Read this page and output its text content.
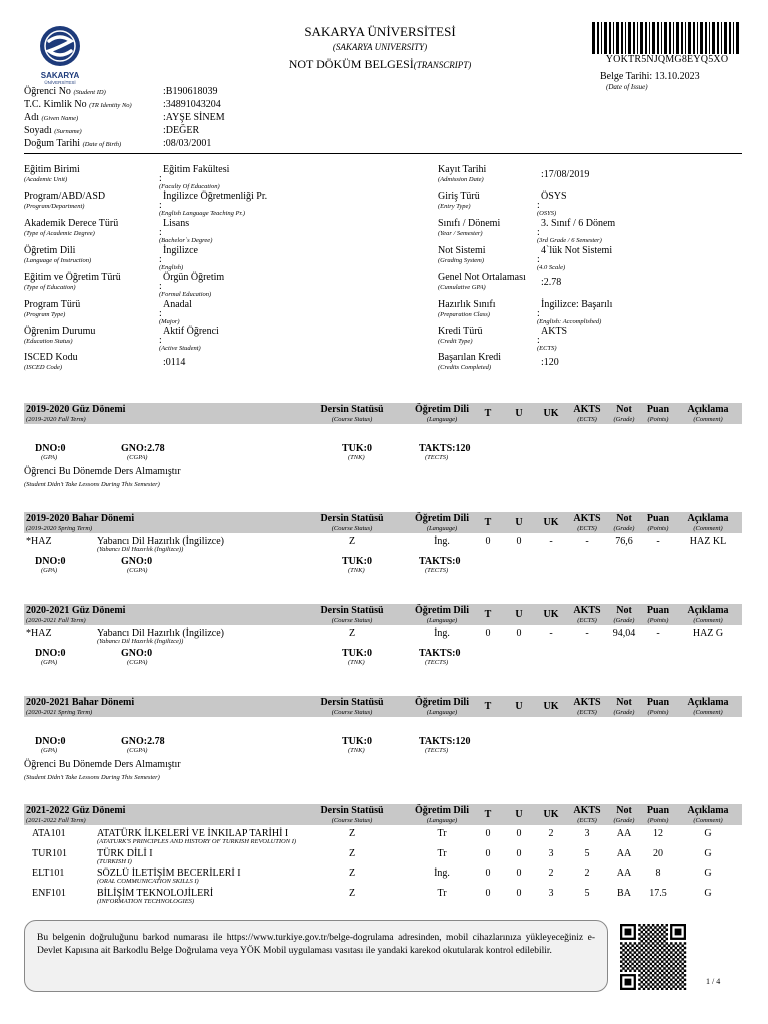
SAKARYA
ÜNİVERSİTESİ
SAKARYA ÜNİVERSİTESİ
(SAKARYA UNIVERSITY)
NOT DÖKÜM BELGESİ(TRANSCRIPT)	YOKTR5NJQMG8EYQ5XO
Belge Tarihi: 13.10.2023
(Date of Issue)
Öğrenci No (Student ID)	:B190618039
T.C. Kimlik No (TR Identity No)	:34891043204
Adı (Given Name)	:AYŞE SİNEM
Soyadı (Surname)	:DEĞER
Doğum Tarihi (Date of Birth)	:08/03/2001
Eğitim Birimi
(Academic Unit)
Eğitim Fakültesi
:
(Faculty Of Education)
Program/ABD/ASD
(Program/Department)
İngilizce Öğretmenliği Pr.
:
(English Language Teaching Pr.)
Akademik Derece Türü
(Type of Academic Degree)
Lisans
:
(Bachelor`s Degree)
Öğretim Dili
(Language of Instruction)
İngilizce
:
(English)
Eğitim ve Öğretim Türü
(Type of Education)
Örgün Öğretim
:
(Formal Education)
Program Türü
(Program Type)
Anadal
:
(Major)
Öğrenim Durumu
(Education Status)
Aktif Öğrenci
:
(Active Student)
ISCED Kodu
(ISCED Code)	:0114
Kayıt Tarihi
(Admission Date)	:17/08/2019
Giriş Türü
(Entry Type)
ÖSYS
:
(OSYS)
Sınıfı / Dönemi
(Year / Semester)
3. Sınıf / 6 Dönem
:
(3rd Grade / 6 Semester)
Not Sistemi
(Grading System)
4`lük Not Sistemi
:
(4.0 Scale)
Genel Not Ortalaması
(Cumulative GPA)	:2.78
Hazırlık Sınıfı
(Preparation Class)
İngilizce: Başarılı
:
(English: Accomplished)
Kredi Türü
(Credit Type)
AKTS
:
(ECTS)
Başarılan Kredi
(Credits Completed)	:120
2019-2020 Güz Dönemi
(2019-2020 Fall Term)
Dersin Statüsü
(Course Status)
Öğretim Dili
(Language)
T	U	UK	AKTS
(ECTS)
Not
(Grade)
Puan
(Points)
Açıklama
(Comment)
DNO:0
(GPA)
GNO:2.78
(CGPA)
TUK:0
(TNK)
TAKTS:120
(TECTS)
Öğrenci Bu Dönemde Ders Almamıştır
(Student Didn't Take Lessons During This Semester)
2019-2020 Bahar Dönemi
(2019-2020 Spring Term)
Dersin Statüsü
(Course Status)
Öğretim Dili
(Language)
T	U	UK	AKTS
(ECTS)
Not
(Grade)
Puan
(Points)
Açıklama
(Comment)
*HAZ	Yabancı Dil Hazırlık (İngilizce)
(Yabancı Dil Hazırlık (İngilizce))
Z	İng.	0	0	-	-	76,6	-	HAZ KL
DNO:0
(GPA)
GNO:0
(CGPA)
TUK:0
(TNK)
TAKTS:0
(TECTS)
2020-2021 Güz Dönemi
(2020-2021 Fall Term)
Dersin Statüsü
(Course Status)
Öğretim Dili
(Language)
T	U	UK	AKTS
(ECTS)
Not
(Grade)
Puan
(Points)
Açıklama
(Comment)
*HAZ	Yabancı Dil Hazırlık (İngilizce)
(Yabancı Dil Hazırlık (İngilizce))
Z	İng.	0	0	-	-	94,04	-	HAZ G
DNO:0
(GPA)
GNO:0
(CGPA)
TUK:0
(TNK)
TAKTS:0
(TECTS)
2020-2021 Bahar Dönemi
(2020-2021 Spring Term)
Dersin Statüsü
(Course Status)
Öğretim Dili
(Language)
T	U	UK	AKTS
(ECTS)
Not
(Grade)
Puan
(Points)
Açıklama
(Comment)
DNO:0
(GPA)
GNO:2.78
(CGPA)
TUK:0
(TNK)
TAKTS:120
(TECTS)
Öğrenci Bu Dönemde Ders Almamıştır
(Student Didn't Take Lessons During This Semester)
2021-2022 Güz Dönemi
(2021-2022 Fall Term)
Dersin Statüsü
(Course Status)
Öğretim Dili
(Language)
T	U	UK	AKTS
(ECTS)
Not
(Grade)
Puan
(Points)
Açıklama
(Comment)
ATA101	ATATÜRK İLKELERİ VE İNKILAP TARİHİ I
(ATATURK'S PRINCIPLES AND HISTORY OF TURKISH REVOLUTION I)
Z	Tr	0	0	2	3	AA	12	G
TUR101	TÜRK DİLİ I
(TURKISH I)
Z	Tr	0	0	3	5	AA	20	G
ELT101	SÖZLÜ İLETİŞİM BECERİLERİ I
(ORAL COMMUNICATION SKILLS I)
Z	İng.	0	0	2	2	AA	8	G
ENF101	BİLİŞİM TEKNOLOJİLERİ
(INFORMATION TECHNOLOGIES)
Z	Tr	0	0	3	5	BA	17.5	G
Bu belgenin doğruluğunu barkod numarası ile https://www.turkiye.gov.tr/belge-dogrulama adresinden, mobil cihazlarınıza yükleyeceğiniz e-Devlet Kapısına ait Barkodlu Belge Doğrulama veya YÖK Mobil uygulaması vasıtası ile yandaki karekod okutularak kontrol edilebilir.
1 / 4
